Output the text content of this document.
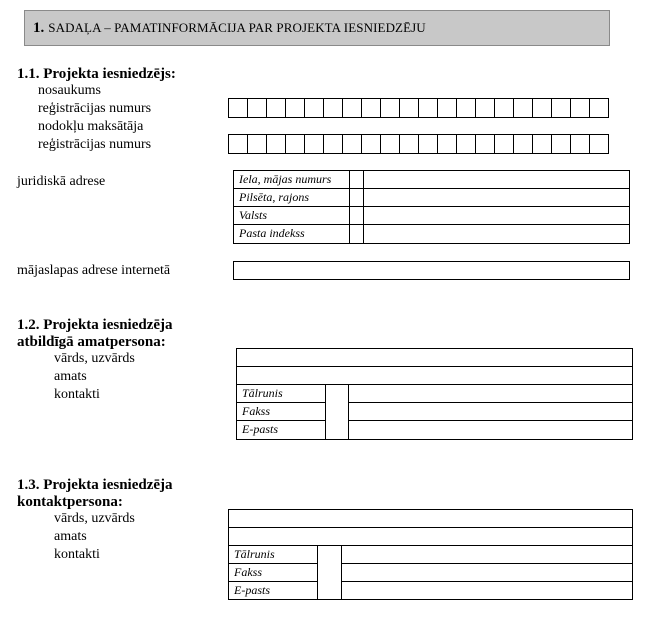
1. SADAĻA – PAMATINFORMĀCIJA PAR PROJEKTA IESNIEDZĒJU
1.1. Projekta iesniedzējs:
nosaukums
reģistrācijas numurs
nodokļu maksātāja
reģistrācijas numurs
juridiskā adrese	Iela, mājas numurs
Pilsēta, rajons
Valsts
Pasta indekss
mājaslapas adrese internetā
1.2. Projekta iesniedzēja
atbildīgā amatpersona:
vārds, uzvārds
amats
kontakti	Tālrunis
Fakss
E-pasts
1.3. Projekta iesniedzēja
kontaktpersona:
vārds, uzvārds
amats
kontakti	Tālrunis
Fakss
E-pasts
